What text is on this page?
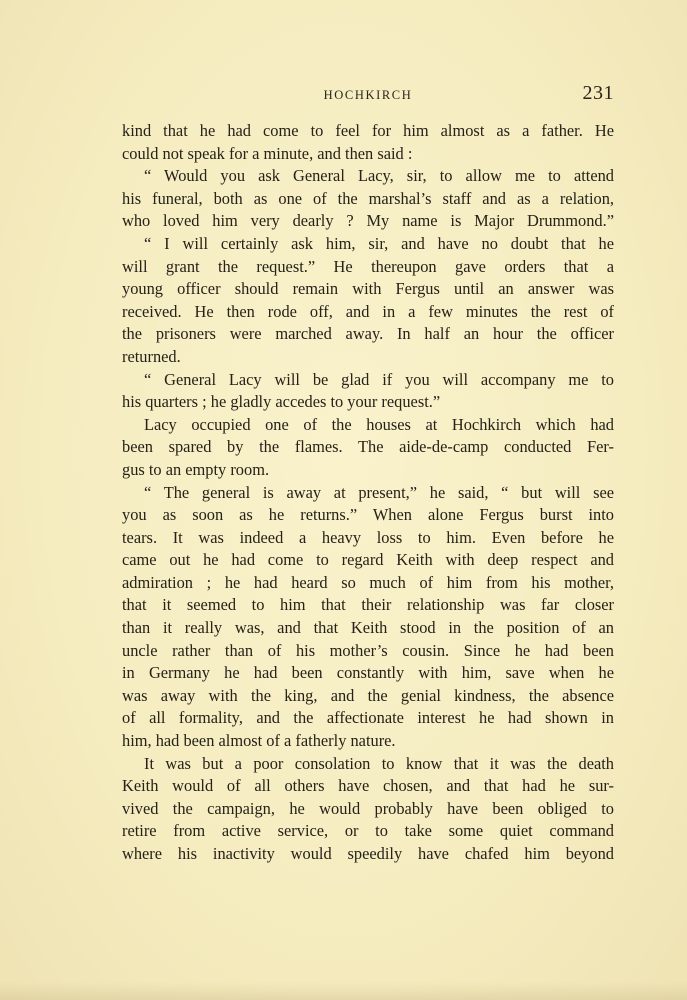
HOCHKIRCH	231
kind that he had come to feel for him almost as a father. He
could not speak for a minute, and then said :
“ Would you ask General Lacy, sir, to allow me to attend
his funeral, both as one of the marshal’s staff and as a relation,
who loved him very dearly ? My name is Major Drummond.”
“ I will certainly ask him, sir, and have no doubt that he
will grant the request.” He thereupon gave orders that a
young officer should remain with Fergus until an answer was
received. He then rode off, and in a few minutes the rest of
the prisoners were marched away. In half an hour the officer
returned.
“ General Lacy will be glad if you will accompany me to
his quarters ; he gladly accedes to your request.”
Lacy occupied one of the houses at Hochkirch which had
been spared by the flames. The aide-de-camp conducted Fer-
gus to an empty room.
“ The general is away at present,” he said, “ but will see
you as soon as he returns.” When alone Fergus burst into
tears. It was indeed a heavy loss to him. Even before he
came out he had come to regard Keith with deep respect and
admiration ; he had heard so much of him from his mother,
that it seemed to him that their relationship was far closer
than it really was, and that Keith stood in the position of an
uncle rather than of his mother’s cousin. Since he had been
in Germany he had been constantly with him, save when he
was away with the king, and the genial kindness, the absence
of all formality, and the affectionate interest he had shown in
him, had been almost of a fatherly nature.
It was but a poor consolation to know that it was the death
Keith would of all others have chosen, and that had he sur-
vived the campaign, he would probably have been obliged to
retire from active service, or to take some quiet command
where his inactivity would speedily have chafed him beyond
